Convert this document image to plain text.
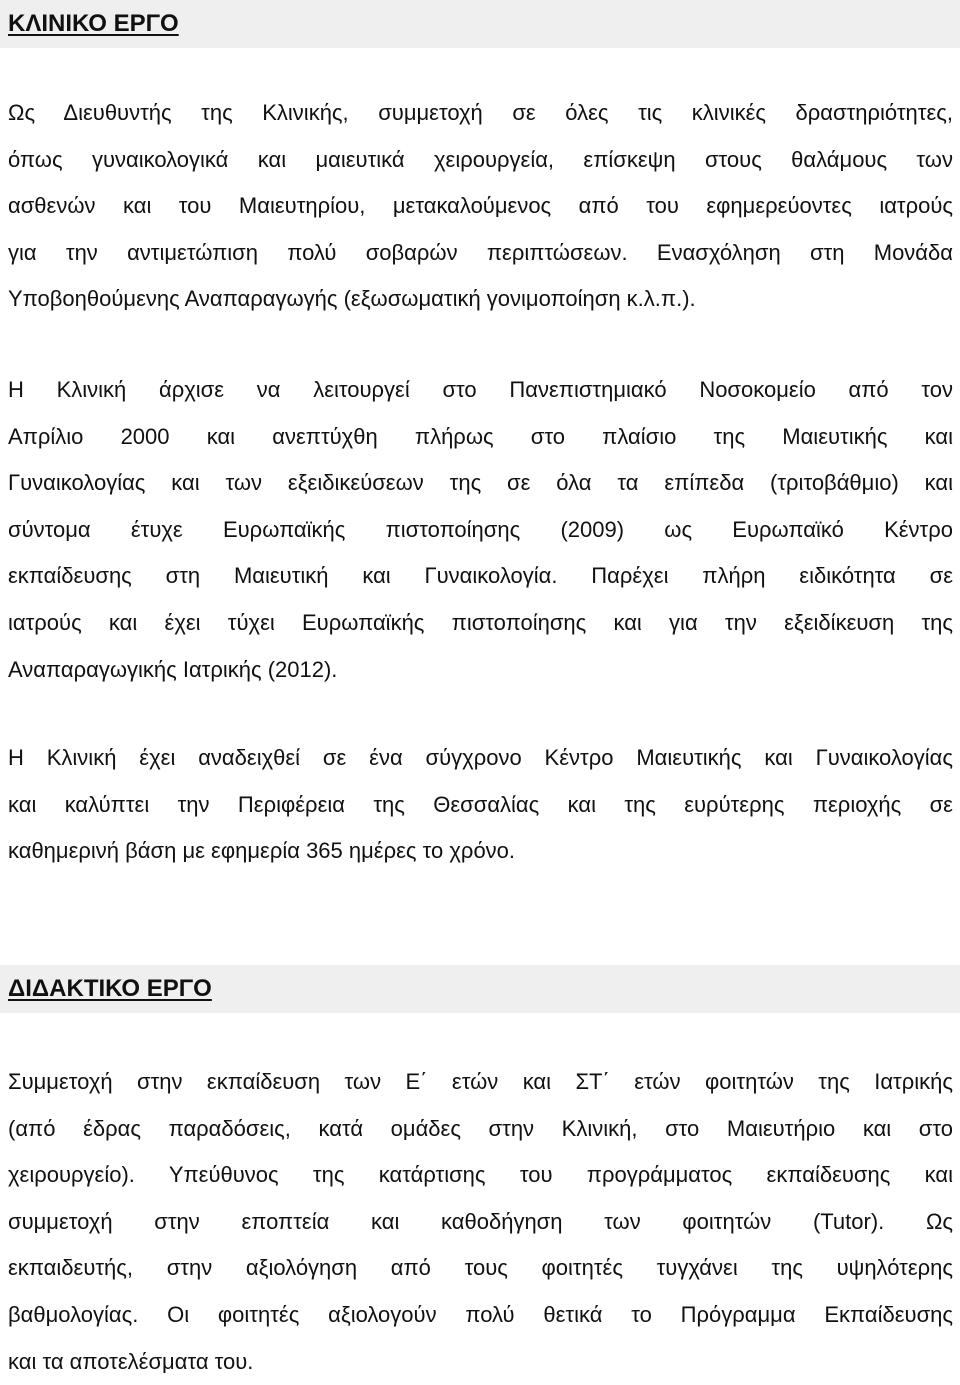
ΚΛΙΝΙΚΟ ΕΡΓΟ
Ως Διευθυντής της Κλινικής, συμμετοχή σε όλες τις κλινικές δραστηριότητες,
όπως γυναικολογικά και μαιευτικά χειρουργεία, επίσκεψη στους θαλάμους των
ασθενών και του Μαιευτηρίου, μετακαλούμενος από του εφημερεύοντες ιατρούς
για την αντιμετώπιση πολύ σοβαρών περιπτώσεων. Ενασχόληση στη Μονάδα
Υποβοηθούμενης Αναπαραγωγής (εξωσωματική γονιμοποίηση κ.λ.π.).
Η Κλινική άρχισε να λειτουργεί στο Πανεπιστημιακό Νοσοκομείο από τον
Απρίλιο 2000 και ανεπτύχθη πλήρως στο πλαίσιο της Μαιευτικής και
Γυναικολογίας και των εξειδικεύσεων της σε όλα τα επίπεδα (τριτοβάθμιο) και
σύντομα έτυχε Ευρωπαϊκής πιστοποίησης (2009) ως Ευρωπαϊκό Κέντρο
εκπαίδευσης στη Μαιευτική και Γυναικολογία. Παρέχει πλήρη ειδικότητα σε
ιατρούς και έχει τύχει Ευρωπαϊκής πιστοποίησης και για την εξειδίκευση της
Αναπαραγωγικής Ιατρικής (2012).
Η Κλινική έχει αναδειχθεί σε ένα σύγχρονο Κέντρο Μαιευτικής και Γυναικολογίας
και καλύπτει την Περιφέρεια της Θεσσαλίας και της ευρύτερης περιοχής σε
καθημερινή βάση με εφημερία 365 ημέρες το χρόνο.
ΔΙΔΑΚΤΙΚΟ ΕΡΓΟ
Συμμετοχή στην εκπαίδευση των Ε΄ ετών και ΣΤ΄ ετών φοιτητών της Ιατρικής
(από έδρας παραδόσεις, κατά ομάδες στην Κλινική, στο Μαιευτήριο και στο
χειρουργείο). Υπεύθυνος της κατάρτισης του προγράμματος εκπαίδευσης και
συμμετοχή στην εποπτεία και καθοδήγηση των φοιτητών (Tutor). Ως
εκπαιδευτής, στην αξιολόγηση από τους φοιτητές τυγχάνει της υψηλότερης
βαθμολογίας. Οι φοιτητές αξιολογούν πολύ θετικά το Πρόγραμμα Εκπαίδευσης
και τα αποτελέσματα του.
